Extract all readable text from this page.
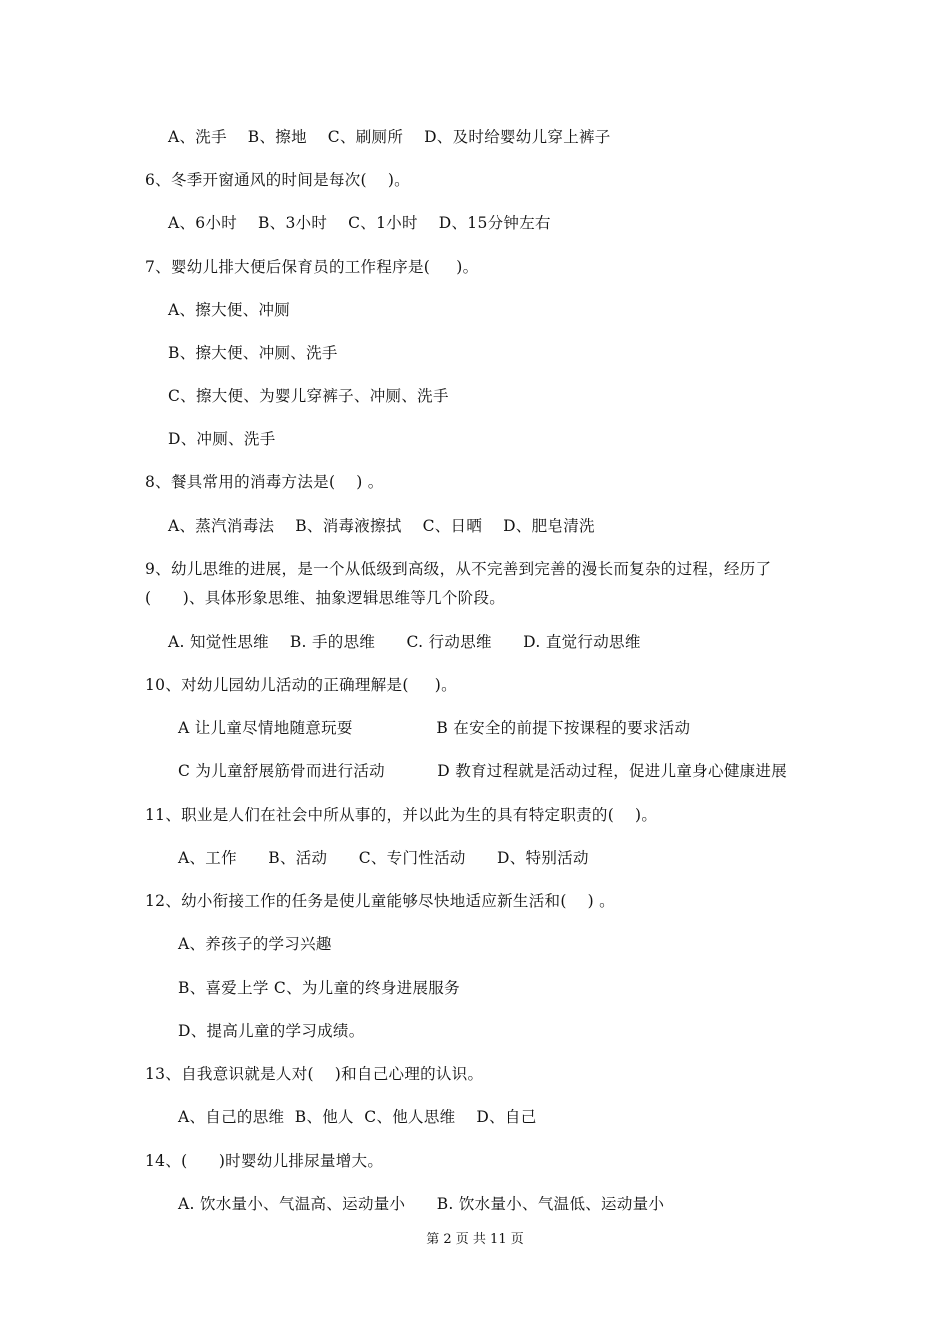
A、洗手    B、擦地    C、刷厕所    D、及时给婴幼儿穿上裤子
6、冬季开窗通风的时间是每次(    )。
A、6小时    B、3小时    C、1小时    D、15分钟左右
7、婴幼儿排大便后保育员的工作程序是(     )。
A、擦大便、冲厕
B、擦大便、冲厕、洗手
C、擦大便、为婴儿穿裤子、冲厕、洗手
D、冲厕、洗手
8、餐具常用的消毒方法是(    ) 。
A、蒸汽消毒法    B、消毒液擦拭    C、日晒    D、肥皂清洗
9、幼儿思维的进展，是一个从低级到高级，从不完善到完善的漫长而复杂的过程，经历了
(      )、具体形象思维、抽象逻辑思维等几个阶段。
A. 知觉性思维    B. 手的思维      C. 行动思维      D. 直觉行动思维
10、对幼儿园幼儿活动的正确理解是(     )。
A 让儿童尽情地随意玩耍                B 在安全的前提下按课程的要求活动
C 为儿童舒展筋骨而进行活动          D 教育过程就是活动过程，促进儿童身心健康进展
11、职业是人们在社会中所从事的，并以此为生的具有特定职责的(    )。
A、工作      B、活动      C、专门性活动      D、特别活动
12、幼小衔接工作的任务是使儿童能够尽快地适应新生活和(    ) 。
A、养孩子的学习兴趣
B、喜爱上学 C、为儿童的终身进展服务
D、提高儿童的学习成绩。
13、自我意识就是人对(    )和自己心理的认识。
A、自己的思维  B、他人  C、他人思维    D、自己
14、(      )时婴幼儿排尿量增大。
A. 饮水量小、气温高、运动量小      B. 饮水量小、气温低、运动量小
第 2 页 共 11 页
